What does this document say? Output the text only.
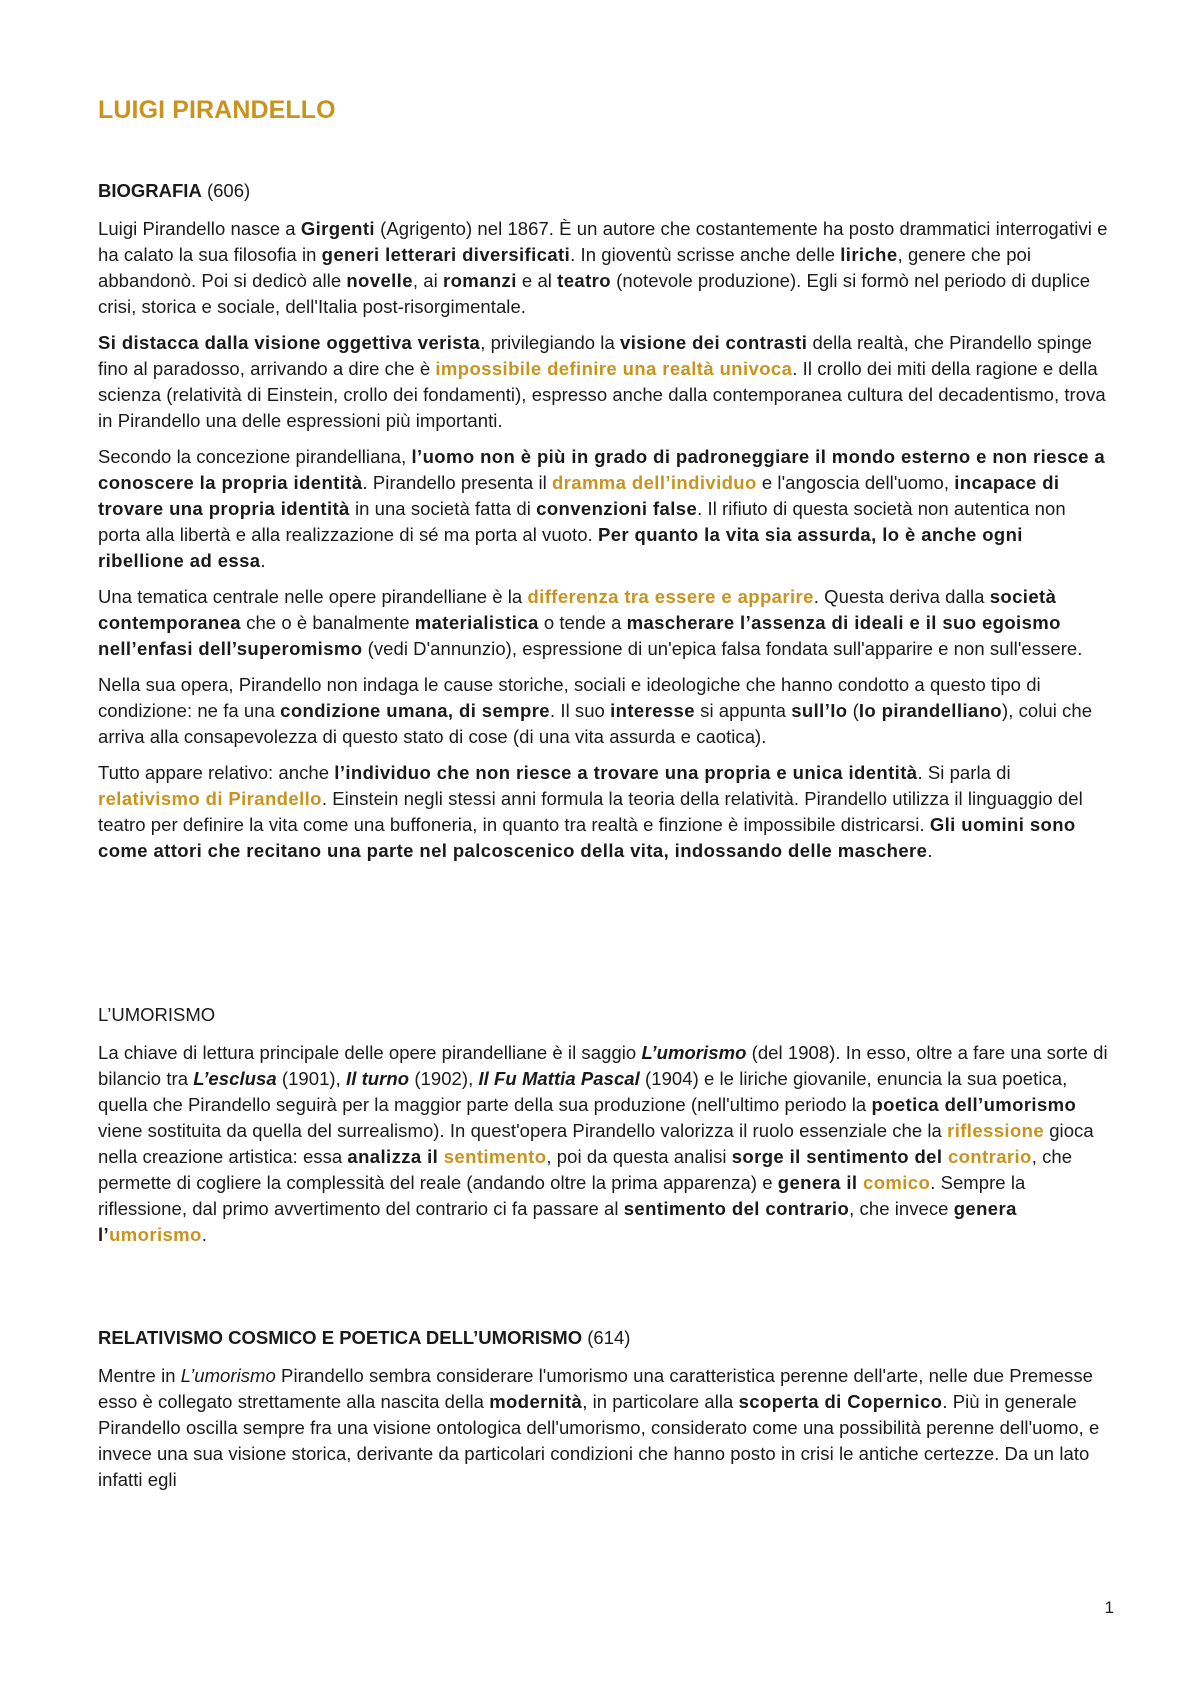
LUIGI PIRANDELLO

BIOGRAFIA (606)

Luigi Pirandello nasce a Girgenti (Agrigento) nel 1867. È un autore che costantemente ha posto drammatici interrogativi e ha calato la sua filosofia in generi letterari diversificati. In gioventù scrisse anche delle liriche, genere che poi abbandonò. Poi si dedicò alle novelle, ai romanzi e al teatro (notevole produzione). Egli si formò nel periodo di duplice crisi, storica e sociale, dell'Italia post-risorgimentale.

Si distacca dalla visione oggettiva verista, privilegiando la visione dei contrasti della realtà, che Pirandello spinge fino al paradosso, arrivando a dire che è impossibile definire una realtà univoca. Il crollo dei miti della ragione e della scienza (relatività di Einstein, crollo dei fondamenti), espresso anche dalla contemporanea cultura del decadentismo, trova in Pirandello una delle espressioni più importanti.

Secondo la concezione pirandelliana, l’uomo non è più in grado di padroneggiare il mondo esterno e non riesce a conoscere la propria identità. Pirandello presenta il dramma dell’individuo e l'angoscia dell'uomo, incapace di trovare una propria identità in una società fatta di convenzioni false. Il rifiuto di questa società non autentica non porta alla libertà e alla realizzazione di sé ma porta al vuoto. Per quanto la vita sia assurda, lo è anche ogni ribellione ad essa.

Una tematica centrale nelle opere pirandelliane è la differenza tra essere e apparire. Questa deriva dalla società contemporanea che o è banalmente materialistica o tende a mascherare l’assenza di ideali e il suo egoismo nell’enfasi dell’superomismo (vedi D'annunzio), espressione di un'epica falsa fondata sull'apparire e non sull'essere.

Nella sua opera, Pirandello non indaga le cause storiche, sociali e ideologiche che hanno condotto a questo tipo di condizione: ne fa una condizione umana, di sempre. Il suo interesse si appunta sull’Io (Io pirandelliano), colui che arriva alla consapevolezza di questo stato di cose (di una vita assurda e caotica).

Tutto appare relativo: anche l’individuo che non riesce a trovare una propria e unica identità. Si parla di relativismo di Pirandello. Einstein negli stessi anni formula la teoria della relatività. Pirandello utilizza il linguaggio del teatro per definire la vita come una buffoneria, in quanto tra realtà e finzione è impossibile districarsi. Gli uomini sono come attori che recitano una parte nel palcoscenico della vita, indossando delle maschere.

L’UMORISMO

La chiave di lettura principale delle opere pirandelliane è il saggio L’umorismo (del 1908). In esso, oltre a fare una sorte di bilancio tra L’esclusa (1901), Il turno (1902), Il Fu Mattia Pascal (1904) e le liriche giovanile, enuncia la sua poetica, quella che Pirandello seguirà per la maggior parte della sua produzione (nell'ultimo periodo la poetica dell’umorismo viene sostituita da quella del surrealismo). In quest'opera Pirandello valorizza il ruolo essenziale che la riflessione gioca nella creazione artistica: essa analizza il sentimento, poi da questa analisi sorge il sentimento del contrario, che permette di cogliere la complessità del reale (andando oltre la prima apparenza) e genera il comico. Sempre la riflessione, dal primo avvertimento del contrario ci fa passare al sentimento del contrario, che invece genera l’umorismo.

RELATIVISMO COSMICO E POETICA DELL’UMORISMO (614)

Mentre in L’umorismo Pirandello sembra considerare l'umorismo una caratteristica perenne dell'arte, nelle due Premesse esso è collegato strettamente alla nascita della modernità, in particolare alla scoperta di Copernico. Più in generale Pirandello oscilla sempre fra una visione ontologica dell'umorismo, considerato come una possibilità perenne dell'uomo, e invece una sua visione storica, derivante da particolari condizioni che hanno posto in crisi le antiche certezze. Da un lato infatti egli

1
